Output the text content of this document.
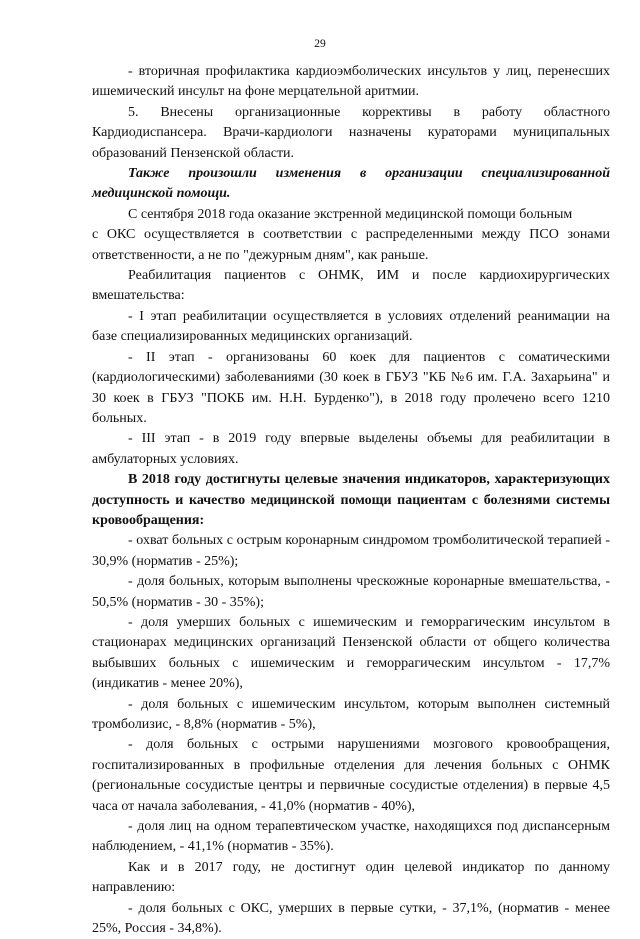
29

- вторичная профилактика кардиоэмболических инсультов у лиц, перенесших ишемический инсульт на фоне мерцательной аритмии.

5. Внесены организационные коррективы в работу областного Кардиодиспансера. Врачи-кардиологи назначены кураторами муниципальных образований Пензенской области.

Также произошли изменения в организации специализированной медицинской помощи.

С сентября 2018 года оказание экстренной медицинской помощи больным

с ОКС осуществляется в соответствии с распределенными между ПСО зонами ответственности, а не по "дежурным дням", как раньше.

Реабилитация пациентов с ОНМК, ИМ и после кардиохирургических вмешательства:

- I этап реабилитации осуществляется в условиях отделений реанимации на базе специализированных медицинских организаций.

- II этап - организованы 60 коек для пациентов с соматическими (кардиологическими) заболеваниями (30 коек в ГБУЗ "КБ №6 им. Г.А. Захарьина" и 30 коек в ГБУЗ "ПОКБ им. Н.Н. Бурденко"), в 2018 году пролечено всего 1210 больных.

- III этап - в 2019 году впервые выделены объемы для реабилитации в амбулаторных условиях.

В 2018 году достигнуты целевые значения индикаторов, характеризующих доступность и качество медицинской помощи пациентам с болезнями системы кровообращения:

- охват больных с острым коронарным синдромом тромболитической терапией - 30,9% (норматив - 25%);

- доля больных, которым выполнены чрескожные коронарные вмешательства, - 50,5% (норматив - 30 - 35%);

- доля умерших больных с ишемическим и геморрагическим инсультом в стационарах медицинских организаций Пензенской области от общего количества выбывших больных с ишемическим и геморрагическим инсультом - 17,7% (индикатив - менее 20%),

- доля больных с ишемическим инсультом, которым выполнен системный тромболизис, - 8,8% (норматив - 5%),

- доля больных с острыми нарушениями мозгового кровообращения, госпитализированных в профильные отделения для лечения больных с ОНМК (региональные сосудистые центры и первичные сосудистые отделения) в первые 4,5 часа от начала заболевания, - 41,0% (норматив - 40%),

- доля лиц на одном терапевтическом участке, находящихся под диспансерным наблюдением, - 41,1% (норматив - 35%).

Как и в 2017 году, не достигнут один целевой индикатор по данному направлению:

- доля больных с ОКС, умерших в первые сутки, - 37,1%, (норматив - менее 25%, Россия - 34,8%).
